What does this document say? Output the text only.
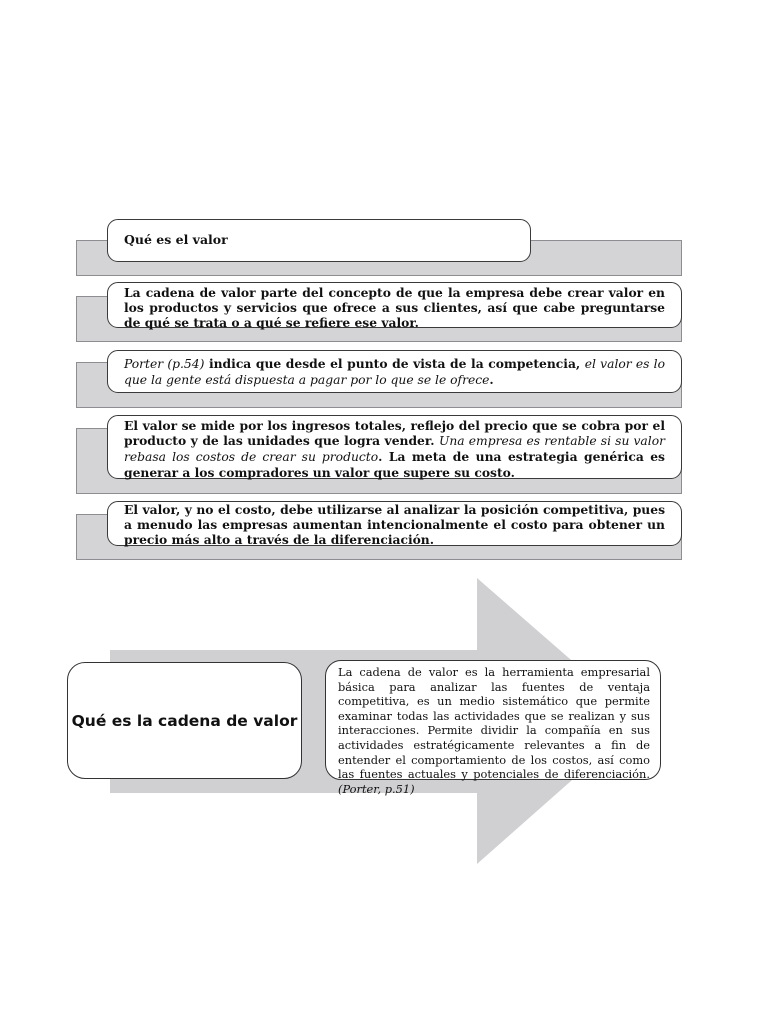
Qué es el valor
La cadena de valor parte del concepto de que la empresa debe crear valor en los productos y servicios que ofrece a sus clientes, así que cabe preguntarse de qué se trata o a qué se refiere ese valor.
Porter (p.54) indica que desde el punto de vista de la competencia, el valor es lo que la gente está dispuesta a pagar por lo que se le ofrece.
El valor se mide por los ingresos totales, reflejo del precio que se cobra por el producto y de las unidades que logra vender. Una empresa es rentable si su valor rebasa los costos de crear su producto. La meta de una estrategia genérica es generar a los compradores un valor que supere su costo.
El valor, y no el costo, debe utilizarse al analizar la posición competitiva, pues a menudo las empresas aumentan intencionalmente el costo para obtener un precio más alto a través de la diferenciación.
Qué es la cadena de valor
La cadena de valor es la herramienta empresarial básica para analizar las fuentes de ventaja competitiva, es un medio sistemático que permite examinar todas las actividades que se realizan y sus interacciones. Permite dividir la compañía en sus actividades estratégicamente relevantes a fin de entender el comportamiento de los costos, así como las fuentes actuales y potenciales de diferenciación. (Porter, p.51)
